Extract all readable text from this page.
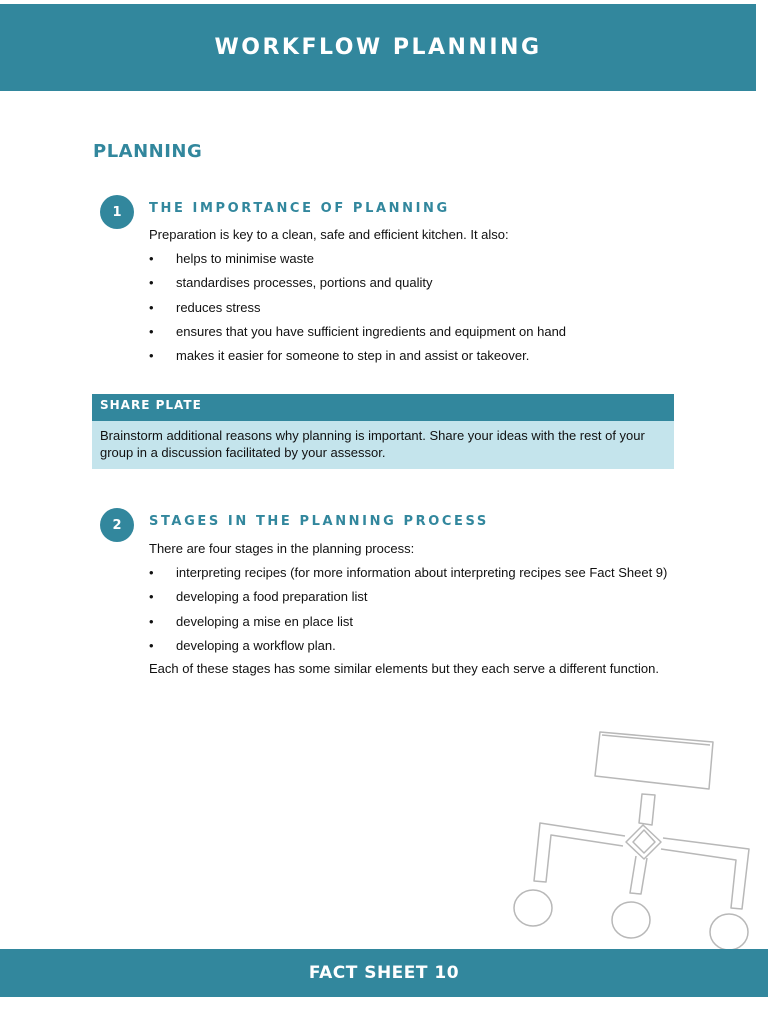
WORKFLOW PLANNING
PLANNING
1	THE IMPORTANCE OF PLANNING

Preparation is key to a clean, safe and efficient kitchen. It also:

• helps to minimise waste
• standardises processes, portions and quality
• reduces stress
• ensures that you have sufficient ingredients and equipment on hand
• makes it easier for someone to step in and assist or takeover.
SHARE PLATE
Brainstorm additional reasons why planning is important. Share your ideas with the rest of your group in a discussion facilitated by your assessor.
2	STAGES IN THE PLANNING PROCESS

There are four stages in the planning process:

• interpreting recipes (for more information about interpreting recipes see Fact Sheet 9)
• developing a food preparation list
• developing a mise en place list
• developing a workflow plan.

Each of these stages has some similar elements but they each serve a different function.

FACT SHEET 10
